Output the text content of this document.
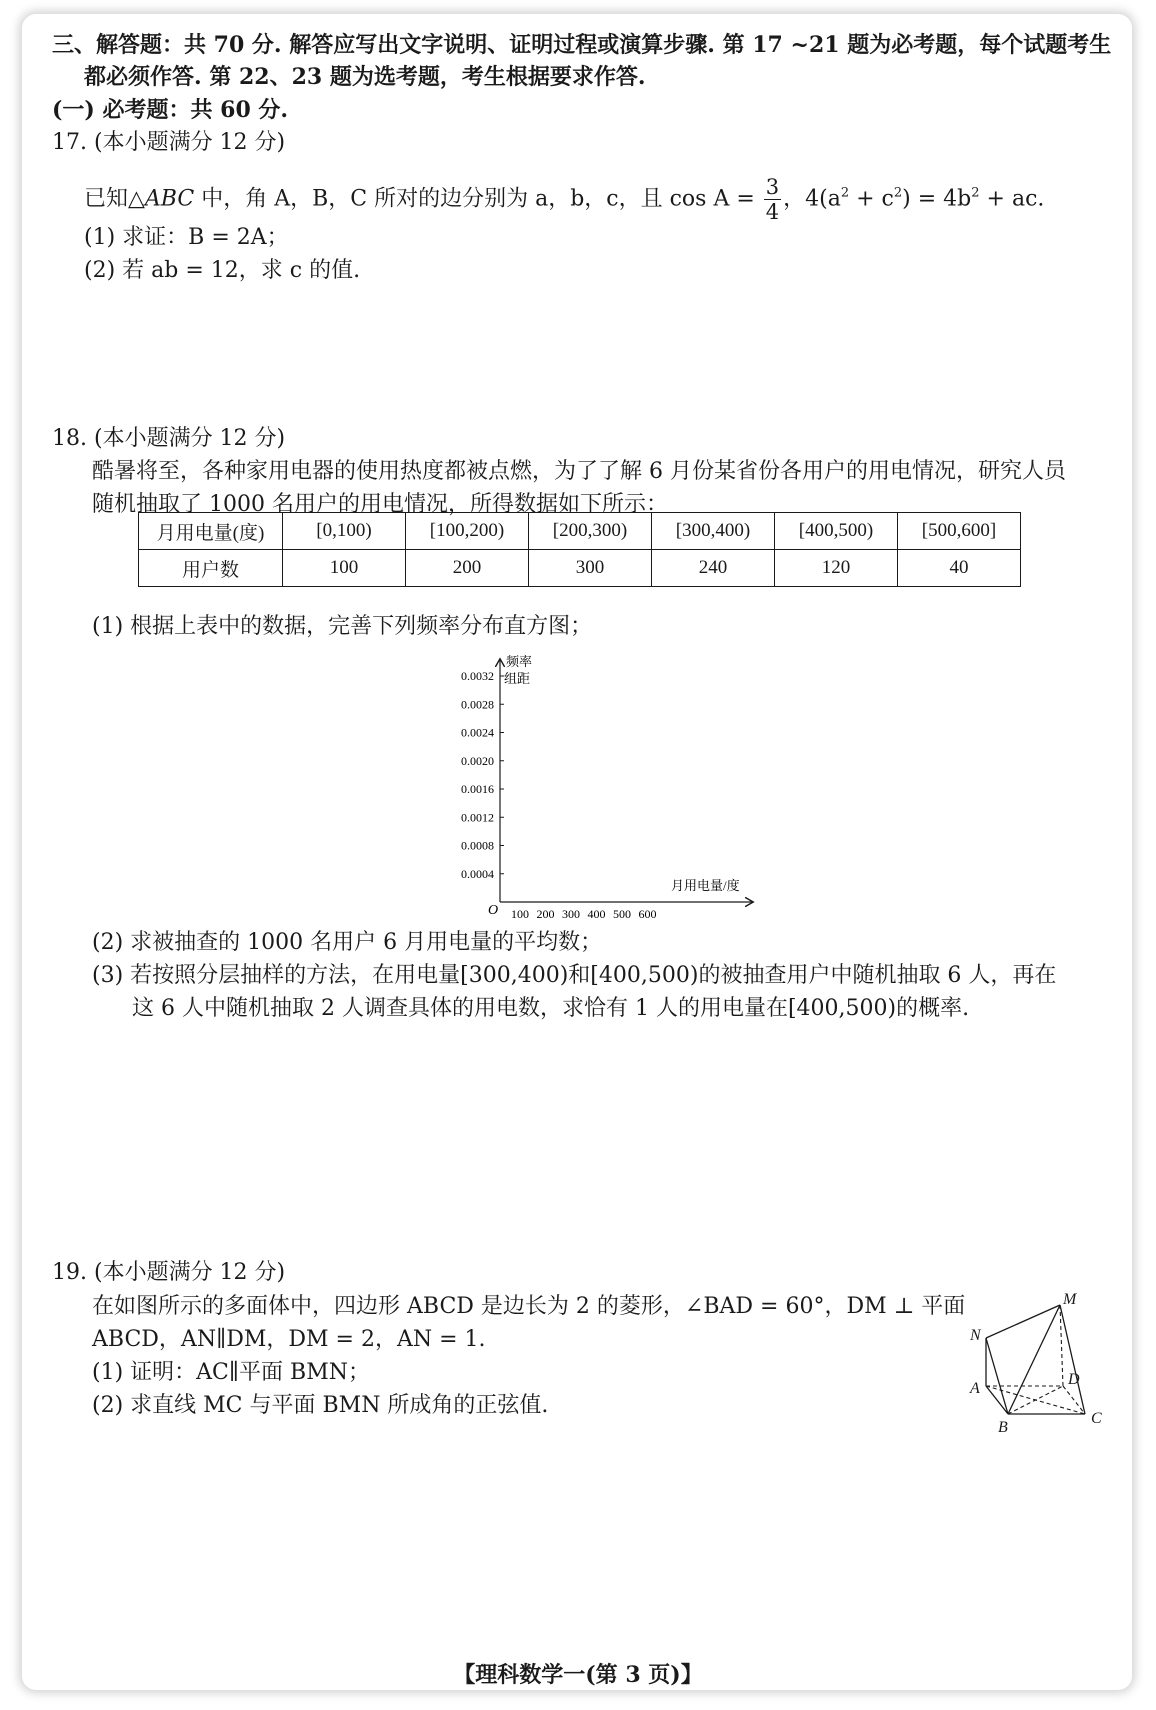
三、解答题：共 70 分. 解答应写出文字说明、证明过程或演算步骤. 第 17 ~21 题为必考题，每个试题考生
都必须作答. 第 22、23 题为选考题，考生根据要求作答.
(一) 必考题：共 60 分.
17. (本小题满分 12 分)
已知△ABC 中，角 A，B，C 所对的边分别为 a，b，c，且 $\cos A = \frac{3}{4}$ ，$4(a^2 + c^2) = 4b^2$ + ac.
(1) 求证：B = 2A；
(2) 若 ab = 12，求 c 的值.
18. (本小题满分 12 分)
酷暑将至，各种家用电器的使用热度都被点燃，为了了解 6 月份某省份各用户的用电情况，研究人员
随机抽取了 1000 名用户的用电情况，所得数据如下所示：
月用电量(度)	[0,100)	[100,200)	[200,300)	[300,400)	[400,500)	[500,600]
用户数	100	200	300	240	120	40
(1) 根据上表中的数据，完善下列频率分布直方图；
频率
组距
月用电量/度
O
0.0004
0.0008
0.0012
0.0016
0.0020
0.0024
0.0028
0.0032
100 200 300 400 500 600
(2) 求被抽查的 1000 名用户 6 月用电量的平均数；
(3) 若按照分层抽样的方法，在用电量[300,400)和[400,500)的被抽查用户中随机抽取 6 人，再在
这 6 人中随机抽取 2 人调查具体的用电数，求恰有 1 人的用电量在[400,500)的概率.
19. (本小题满分 12 分)
在如图所示的多面体中，四边形 ABCD 是边长为 2 的菱形，∠BAD = 60°，DM ⊥ 平面
ABCD，AN∥DM，DM = 2，AN = 1.
(1) 证明：AC∥平面 BMN；
(2) 求直线 MC 与平面 BMN 所成角的正弦值.
M
N
A
D
B
C
【理科数学一(第 3 页)】
